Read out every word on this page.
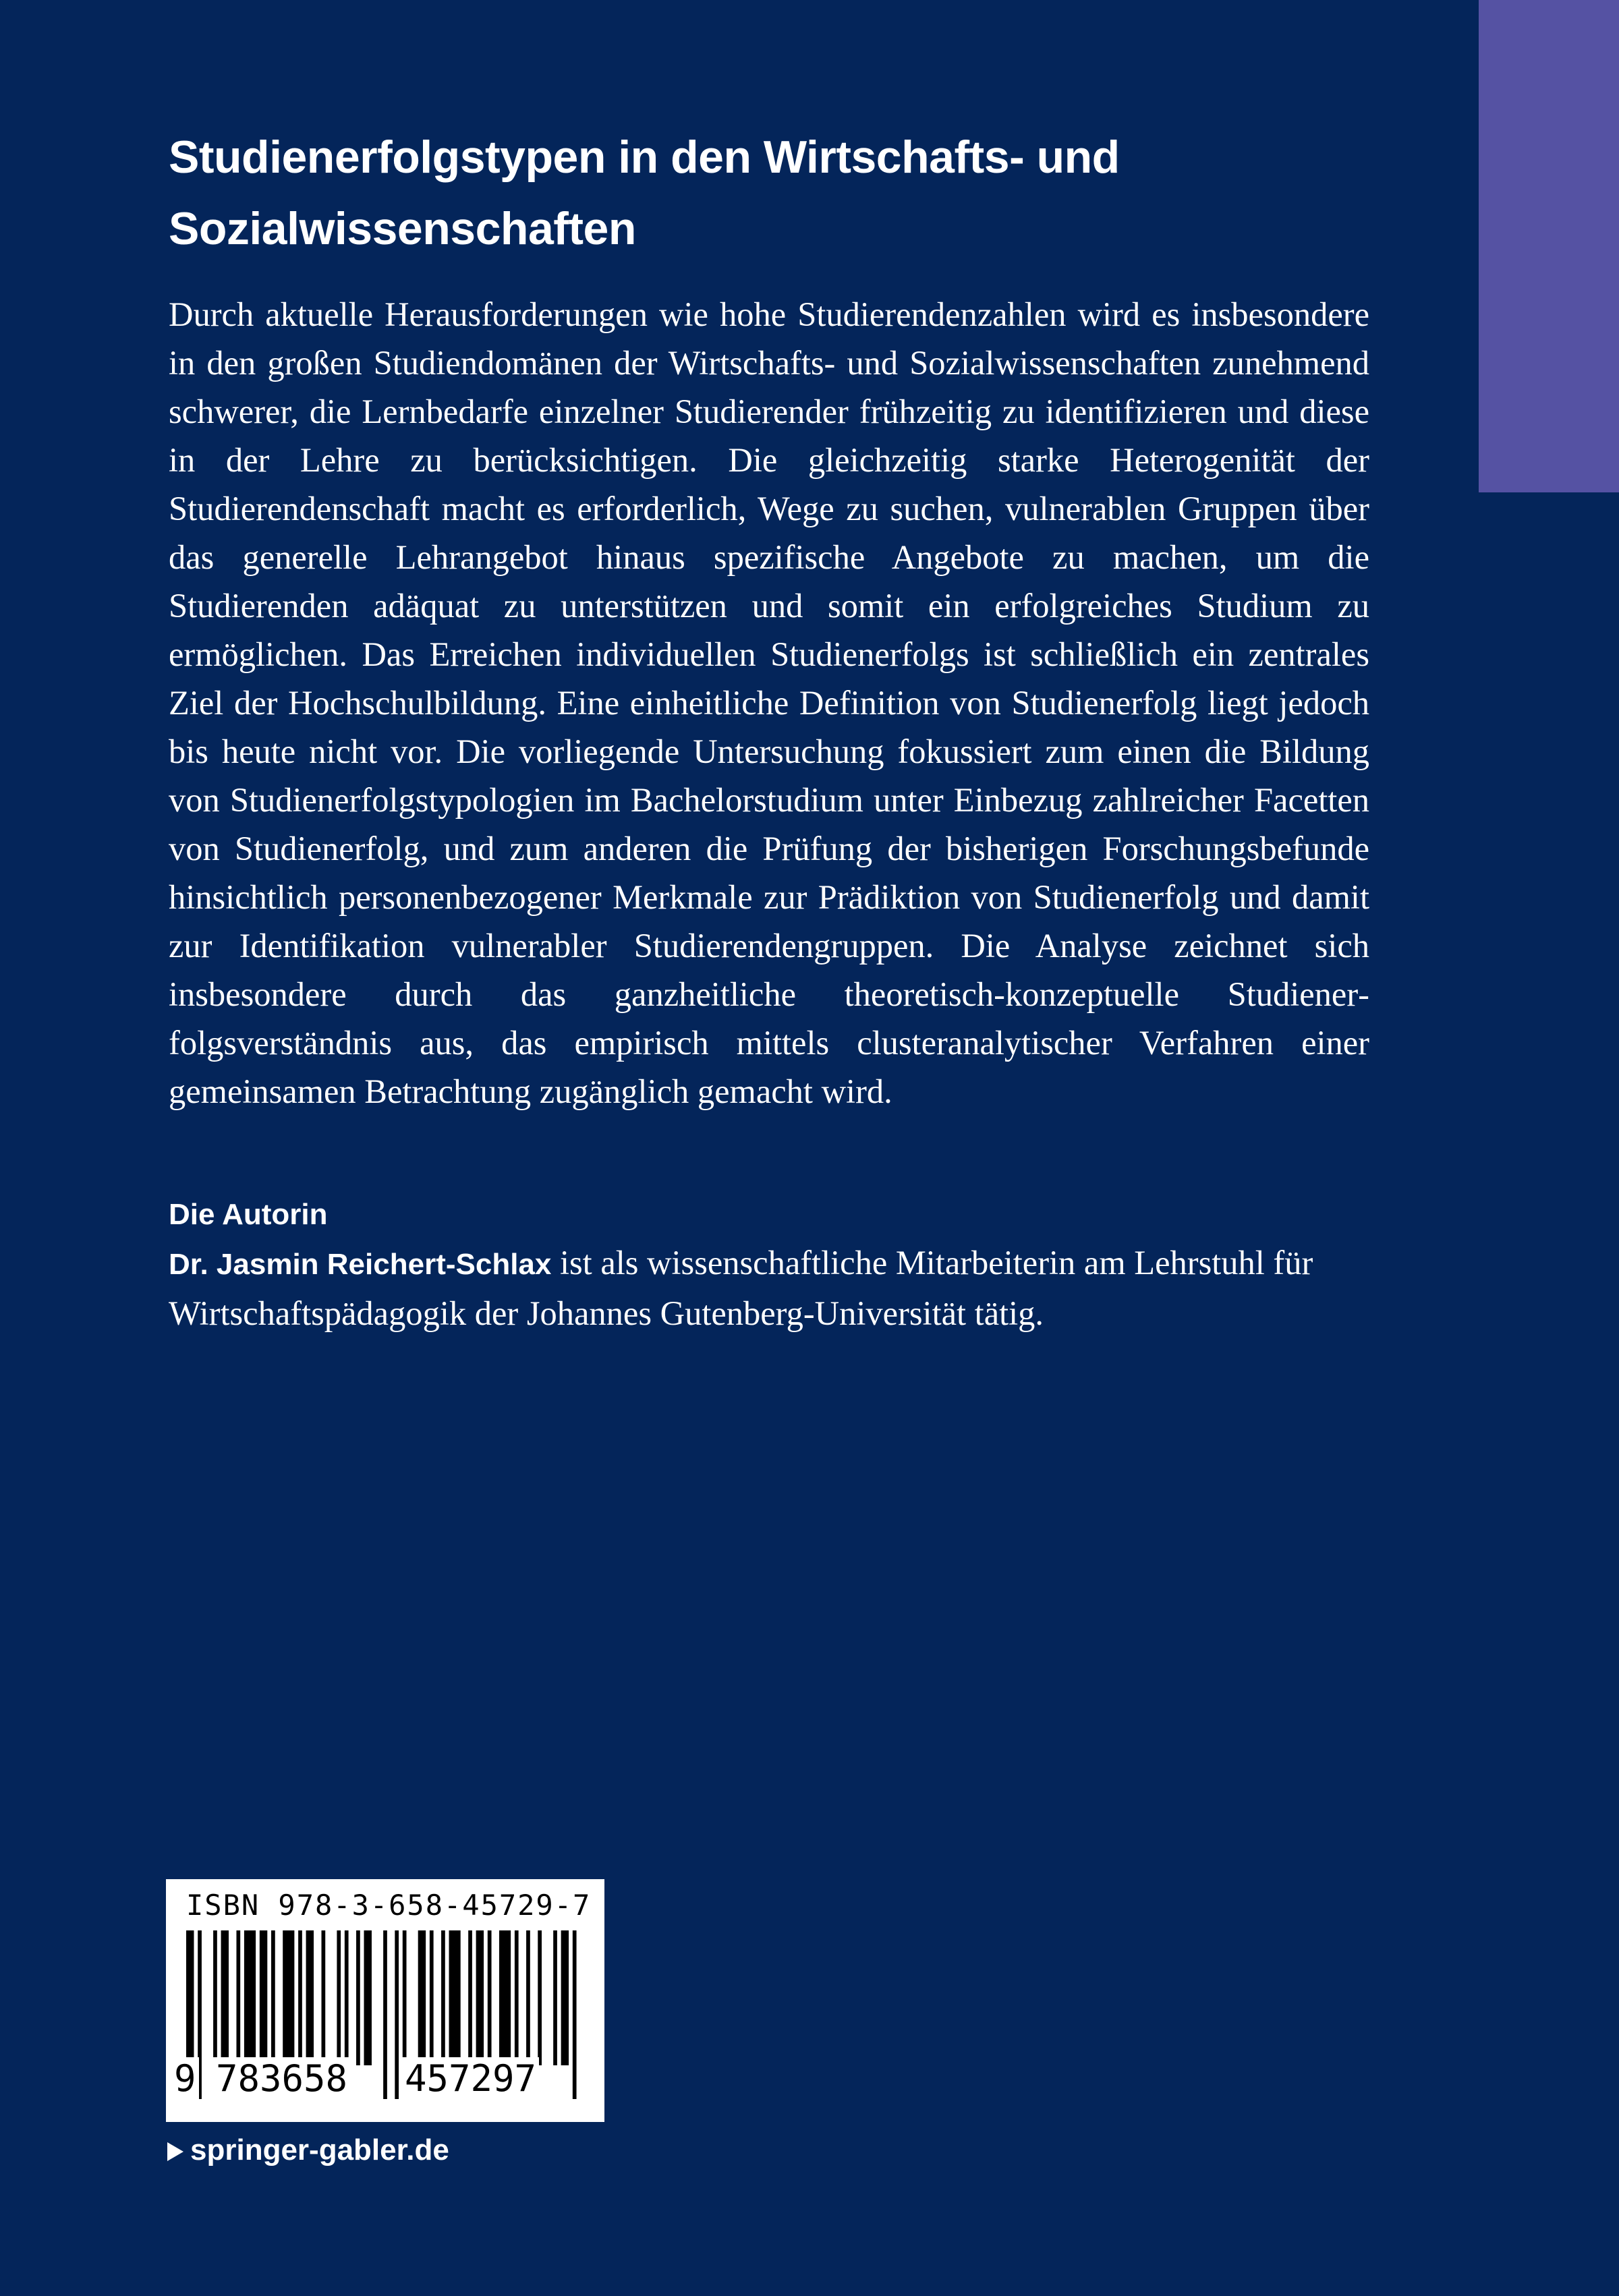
Studienerfolgstypen in den Wirtschafts- und
Sozialwissenschaften

Durch aktuelle Herausforderungen wie hohe Studierendenzahlen wird es insbesondere in den großen Studiendomänen der Wirtschafts- und Sozialwissenschaften zunehmend schwerer, die Lernbedarfe einzelner Studierender frühzeitig zu identifizieren und diese in der Lehre zu berücksichtigen. Die gleichzeitig starke Heterogenität der Studierendenschaft macht es erforderlich, Wege zu suchen, vulnerablen Gruppen über das generelle Lehrangebot hinaus spezifische Angebote zu machen, um die Studierenden adäquat zu unterstützen und somit ein erfolgreiches Studium zu ermöglichen. Das Erreichen individuellen Studienerfolgs ist schließlich ein zentrales Ziel der Hochschulbildung. Eine einheitliche Definition von Studienerfolg liegt jedoch bis heute nicht vor. Die vorliegende Untersuchung fokussiert zum einen die Bildung von Studienerfolgstypologien im Bachelorstudium unter Einbezug zahlreicher Facetten von Studienerfolg, und zum anderen die Prüfung der bisherigen Forschungsbefunde hinsichtlich personenbezogener Merkmale zur Prädiktion von Studienerfolg und damit zur Identifikation vulnerabler Studierendengruppen. Die Analyse zeichnet sich insbesondere durch das ganzheitliche theoretisch-konzeptuelle Studienerfolgsverständnis aus, das empirisch mittels clusteranalytischer Verfahren einer gemeinsamen Betrachtung zugänglich gemacht wird.

Die Autorin

Dr. Jasmin Reichert-Schlax ist als wissenschaftliche Mitarbeiterin am Lehrstuhl für Wirtschaftspädagogik der Johannes Gutenberg-Universität tätig.

ISBN 978-3-658-45729-7
9 783658 457297
springer-gabler.de
